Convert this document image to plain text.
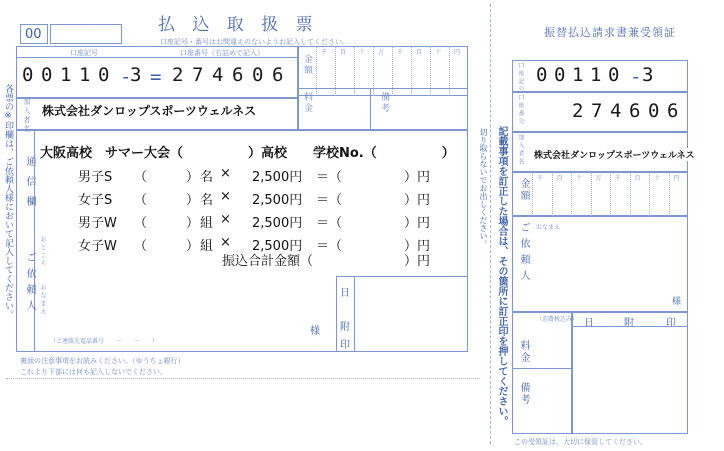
00	払 込 取 扱 票
口座記号・番号はお間違えのないようお記入してください。
口座記号	口座番号（右詰めで記入）
0 0 1 1 0 -
3 = 2 7 4 6 0 6 金額
千 百 十 万 千 百 十 円
料金	備考
加入者名 株式会社ダンロップスポーツウェルネス
各票の※印欄は、ご依頼人様において記入してください。 通信欄
ご依頼人 おところ
おなまえ
（ご連絡先電話番号　　－　　－　　）
様
日
附
印
大阪高校　サマー大会（　　　　　）高校　　学校No.（　　　　　）
男子S （	） 名 × 2,500円 ＝（	）円
女子S （	） 名 × 2,500円 ＝（	）円
男子W （	） 組 × 2,500円 ＝（	）円
女子W （	） 組 × 2,500円 ＝（	）円
振込合計金額（	）円
裏面の注意事項をお読みください。（ゆうちょ銀行）
これより下部には何も記入しないでください。
切り取らないでお出しください。 記載事項を訂正した場合は、その箇所に訂正印を押してください。
振替払込請求書兼受領証
口座記号 0 0 1 1 0 - 3
口座番号	2 7 4 6 0 6
加入者名 株式会社ダンロップスポーツウェルネス
金額	千 百 十 万 千 百 十 円
ご依頼人	おなまえ
様
（消費税込み）
料金
備考
日	附	印
この受領証は、大切に保管してください。
